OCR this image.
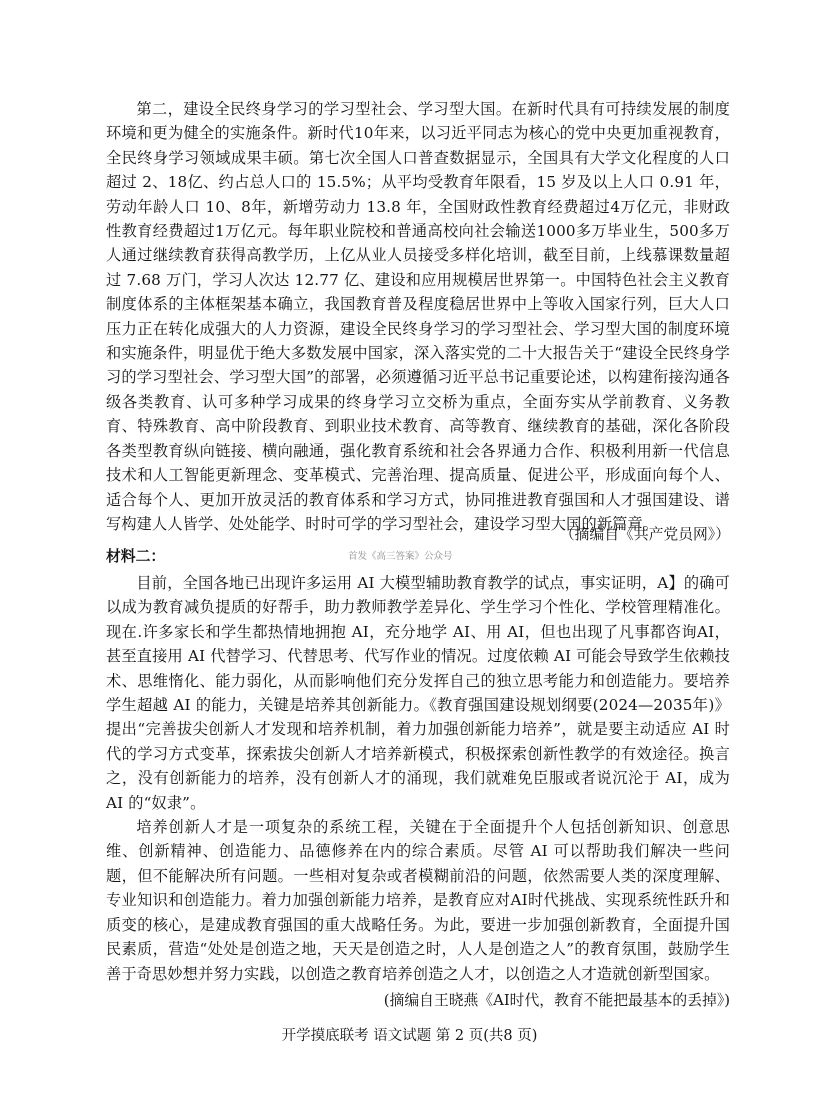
第二，建设全民终身学习的学习型社会、学习型大国。在新时代具有可持续发展的制度环境和更为健全的实施条件。新时代10年来，以习近平同志为核心的党中央更加重视教育，全民终身学习领域成果丰硕。第七次全国人口普查数据显示，全国具有大学文化程度的人口超过 2、18亿、约占总人口的 15.5%；从平均受教育年限看，15 岁及以上人口 0.91 年，劳动年龄人口 10、8年，新增劳动力 13.8 年，全国财政性教育经费超过4万亿元，非财政性教育经费超过1万亿元。每年职业院校和普通高校向社会输送1000多万毕业生，500多万人通过继续教育获得高教学历，上亿从业人员接受多样化培训，截至目前，上线慕课数量超过 7.68 万门，学习人次达 12.77 亿、建设和应用规模居世界第一。中国特色社会主义教育制度体系的主体框架基本确立，我国教育普及程度稳居世界中上等收入国家行列，巨大人口压力正在转化成强大的人力资源，建设全民终身学习的学习型社会、学习型大国的制度环境和实施条件，明显优于绝大多数发展中国家，深入落实党的二十大报告关于“建设全民终身学习的学习型社会、学习型大国”的部署，必须遵循习近平总书记重要论述，以构建衔接沟通各级各类教育、认可多种学习成果的终身学习立交桥为重点，全面夯实从学前教育、义务教育、特殊教育、高中阶段教育、到职业技术教育、高等教育、继续教育的基础，深化各阶段各类型教育纵向链接、横向融通，强化教育系统和社会各界通力合作、积极利用新一代信息技术和人工智能更新理念、变革模式、完善治理、提高质量、促进公平，形成面向每个人、适合每个人、更加开放灵活的教育体系和学习方式，协同推进教育强国和人才强国建设、谱写构建人人皆学、处处能学、时时可学的学习型社会，建设学习型大国的新篇章。

（摘编自《共产党员网》）
材料二：	首发《高三答案》公众号

目前，全国各地已出现许多运用 AI 大模型辅助教育教学的试点，事实证明，A】的确可以成为教育减负提质的好帮手，助力教师教学差异化、学生学习个性化、学校管理精准化。现在.许多家长和学生都热情地拥抱 AI，充分地学 AI、用 AI，但也出现了凡事都咨询AI，甚至直接用 AI 代替学习、代替思考、代写作业的情况。过度依赖 AI 可能会导致学生依赖技术、思维惰化、能力弱化，从而影响他们充分发挥自己的独立思考能力和创造能力。要培养学生超越 AI 的能力，关键是培养其创新能力。《教育强国建设规划纲要(2024—2035年)》提出“完善拔尖创新人才发现和培养机制，着力加强创新能力培养”，就是要主动适应 AI 时代的学习方式变革，探索拔尖创新人才培养新模式，积极探索创新性教学的有效途径。换言之，没有创新能力的培养，没有创新人才的涌现，我们就难免臣服或者说沉沦于 AI，成为 AI 的“奴隶”。

培养创新人才是一项复杂的系统工程，关键在于全面提升个人包括创新知识、创意思维、创新精神、创造能力、品德修养在内的综合素质。尽管 AI 可以帮助我们解决一些问题，但不能解决所有问题。一些相对复杂或者模糊前沿的问题，依然需要人类的深度理解、专业知识和创造能力。着力加强创新能力培养，是教育应对AI时代挑战、实现系统性跃升和质变的核心，是建成教育强国的重大战略任务。为此，要进一步加强创新教育，全面提升国民素质，营造“处处是创造之地，天天是创造之时，人人是创造之人”的教育氛围，鼓励学生善于奇思妙想并努力实践，以创造之教育培养创造之人才，以创造之人才造就创新型国家。

(摘编自王晓燕《AI时代，教育不能把最基本的丢掉》)
开学摸底联考 语文试题 第 2 页(共8 页)
